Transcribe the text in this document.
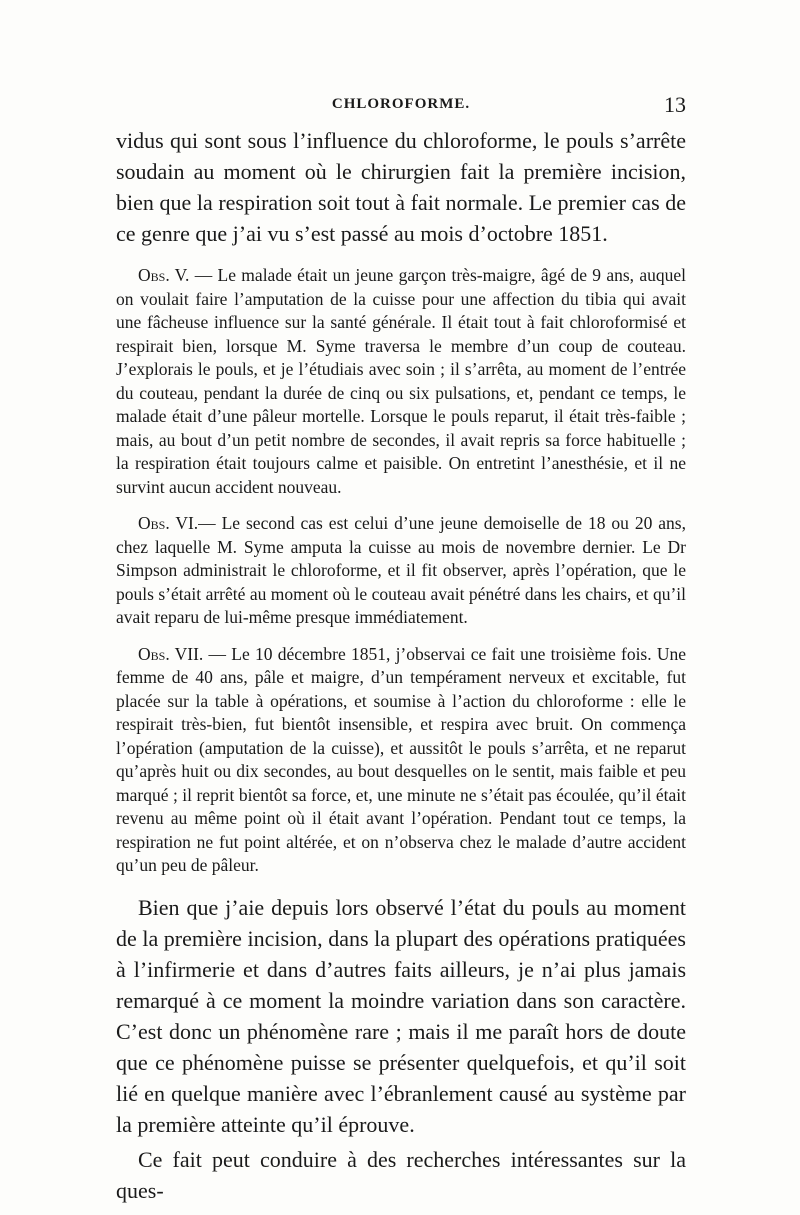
CHLOROFORME.	13

vidus qui sont sous l’influence du chloroforme, le pouls s’arrête soudain au moment où le chirurgien fait la première incision, bien que la respiration soit tout à fait normale. Le premier cas de ce genre que j’ai vu s’est passé au mois d’octobre 1851.

Obs. V. — Le malade était un jeune garçon très-maigre, âgé de 9 ans, auquel on voulait faire l’amputation de la cuisse pour une affection du tibia qui avait une fâcheuse influence sur la santé générale. Il était tout à fait chloroformisé et respirait bien, lorsque M. Syme traversa le membre d’un coup de couteau. J’explorais le pouls, et je l’étudiais avec soin ; il s’arrêta, au moment de l’entrée du couteau, pendant la durée de cinq ou six pulsations, et, pendant ce temps, le malade était d’une pâleur mortelle. Lorsque le pouls reparut, il était très-faible ; mais, au bout d’un petit nombre de secondes, il avait repris sa force habituelle ; la respiration était toujours calme et paisible. On entretint l’anesthésie, et il ne survint aucun accident nouveau.

Obs. VI.— Le second cas est celui d’une jeune demoiselle de 18 ou 20 ans, chez laquelle M. Syme amputa la cuisse au mois de novembre dernier. Le Dr Simpson administrait le chloroforme, et il fit observer, après l’opération, que le pouls s’était arrêté au moment où le couteau avait pénétré dans les chairs, et qu’il avait reparu de lui-même presque immédiatement.

Obs. VII. — Le 10 décembre 1851, j’observai ce fait une troisième fois. Une femme de 40 ans, pâle et maigre, d’un tempérament nerveux et excitable, fut placée sur la table à opérations, et soumise à l’action du chloroforme : elle le respirait très-bien, fut bientôt insensible, et respira avec bruit. On commença l’opération (amputation de la cuisse), et aussitôt le pouls s’arrêta, et ne reparut qu’après huit ou dix secondes, au bout desquelles on le sentit, mais faible et peu marqué ; il reprit bientôt sa force, et, une minute ne s’était pas écoulée, qu’il était revenu au même point où il était avant l’opération. Pendant tout ce temps, la respiration ne fut point altérée, et on n’observa chez le malade d’autre accident qu’un peu de pâleur.

Bien que j’aie depuis lors observé l’état du pouls au moment de la première incision, dans la plupart des opérations pratiquées à l’infirmerie et dans d’autres faits ailleurs, je n’ai plus jamais remarqué à ce moment la moindre variation dans son caractère. C’est donc un phénomène rare ; mais il me paraît hors de doute que ce phénomène puisse se présenter quelquefois, et qu’il soit lié en quelque manière avec l’ébranlement causé au système par la première atteinte qu’il éprouve.

Ce fait peut conduire à des recherches intéressantes sur la ques-
